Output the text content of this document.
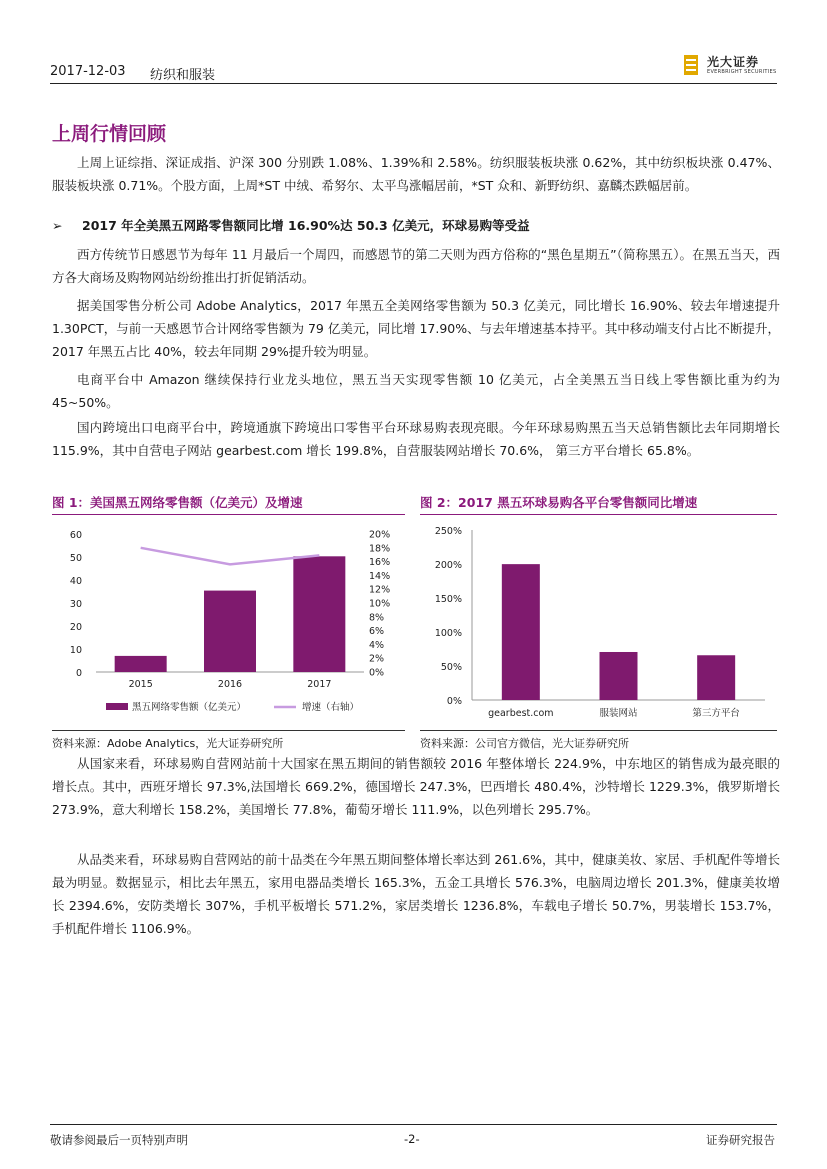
2017-12-03 纺织和服装
光大证券
EVERBRIGHT SECURITIES
上周行情回顾
上周上证综指、深证成指、沪深 300 分别跌 1.08%、1.39%和 2.58%。纺织服装板块涨 0.62%，其中纺织板块涨 0.47%、服装板块涨 0.71%。个股方面，上周*ST 中绒、希努尔、太平鸟涨幅居前，*ST 众和、新野纺织、嘉麟杰跌幅居前。
➢ 2017 年全美黑五网路零售额同比增 16.90%达 50.3 亿美元，环球易购等受益
西方传统节日感恩节为每年 11 月最后一个周四，而感恩节的第二天则为西方俗称的“黑色星期五”（简称黑五）。在黑五当天，西方各大商场及购物网站纷纷推出打折促销活动。
据美国零售分析公司 Adobe Analytics，2017 年黑五全美网络零售额为 50.3 亿美元，同比增长 16.90%、较去年增速提升 1.30PCT，与前一天感恩节合计网络零售额为 79 亿美元，同比增 17.90%、与去年增速基本持平。其中移动端支付占比不断提升，2017 年黑五占比 40%，较去年同期 29%提升较为明显。
电商平台中 Amazon 继续保持行业龙头地位，黑五当天实现零售额 10 亿美元，占全美黑五当日线上零售额比重为约为 45~50%。
国内跨境出口电商平台中，跨境通旗下跨境出口零售平台环球易购表现亮眼。今年环球易购黑五当天总销售额比去年同期增长 115.9%，其中自营电子网站 gearbest.com 增长 199.8%，自营服装网站增长 70.6%， 第三方平台增长 65.8%。
图 1：美国黑五网络零售额（亿美元）及增速
0
10
20
30
40
50
60
0%
2%
4%
6%
8%
10%
12%
14%
16%
18%
20%
2015	2016	2017
黑五网络零售额（亿美元）	增速（右轴）
资料来源：Adobe Analytics，光大证券研究所
图 2：2017 黑五环球易购各平台零售额同比增速
0%
50%
100%
150%
200%
250%
gearbest.com	服装网站	第三方平台
资料来源：公司官方微信，光大证券研究所
从国家来看，环球易购自营网站前十大国家在黑五期间的销售额较 2016 年整体增长 224.9%，中东地区的销售成为最亮眼的增长点。其中，西班牙增长 97.3%,法国增长 669.2%，德国增长 247.3%，巴西增长 480.4%，沙特增长 1229.3%，俄罗斯增长 273.9%，意大利增长 158.2%，美国增长 77.8%，葡萄牙增长 111.9%，以色列增长 295.7%。
从品类来看，环球易购自营网站的前十品类在今年黑五期间整体增长率达到 261.6%，其中，健康美妆、家居、手机配件等增长最为明显。数据显示，相比去年黑五，家用电器品类增长 165.3%，五金工具增长 576.3%，电脑周边增长 201.3%，健康美妆增长 2394.6%，安防类增长 307%，手机平板增长 571.2%，家居类增长 1236.8%，车载电子增长 50.7%，男装增长 153.7%，手机配件增长 1106.9%。
敬请参阅最后一页特别声明	-2-	证券研究报告
